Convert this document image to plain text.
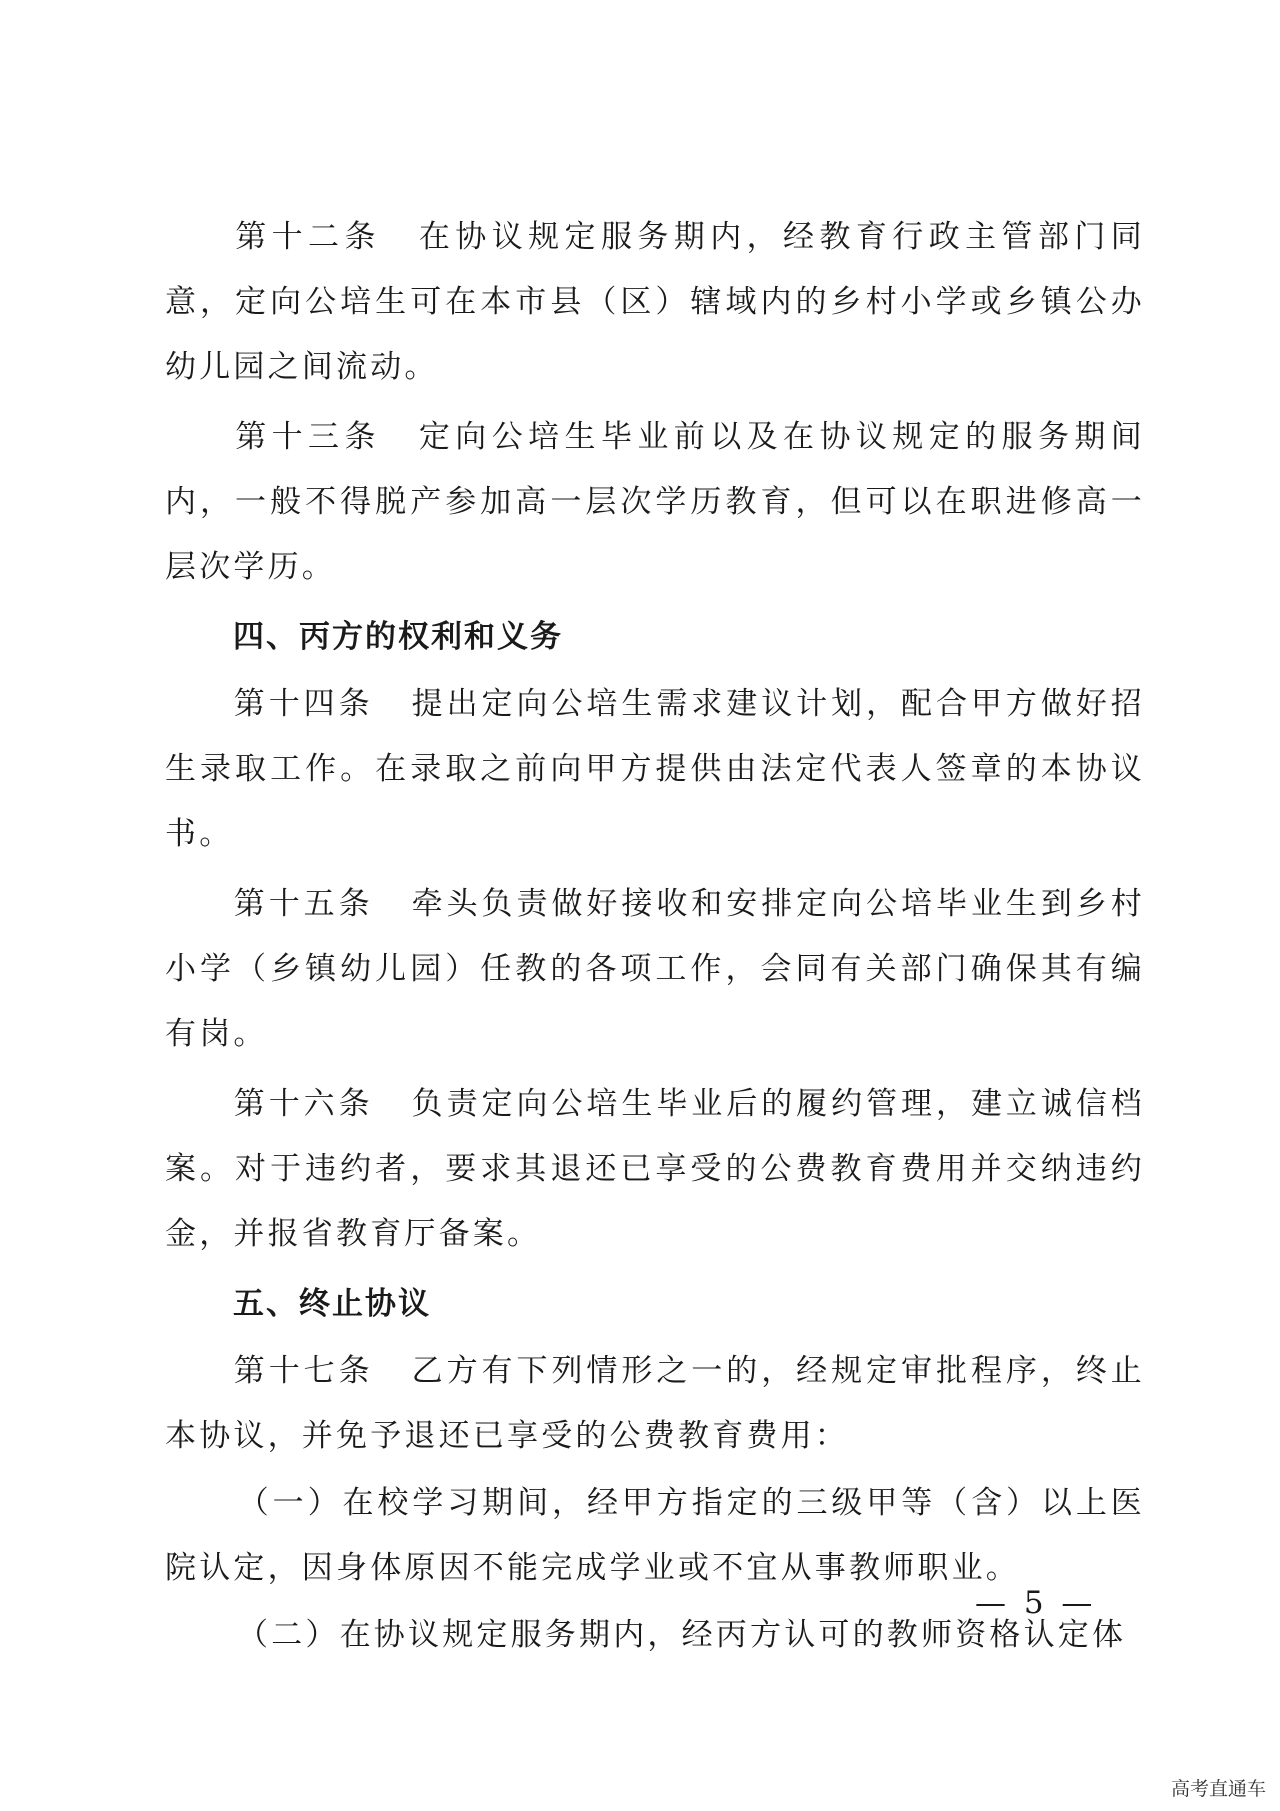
第十二条 在协议规定服务期内，经教育行政主管部门同意，定向公培生可在本市县（区）辖域内的乡村小学或乡镇公办幼儿园之间流动。

第十三条 定向公培生毕业前以及在协议规定的服务期间内，一般不得脱产参加高一层次学历教育，但可以在职进修高一层次学历。

四、丙方的权利和义务

第十四条 提出定向公培生需求建议计划，配合甲方做好招生录取工作。在录取之前向甲方提供由法定代表人签章的本协议书。

第十五条 牵头负责做好接收和安排定向公培毕业生到乡村小学（乡镇幼儿园）任教的各项工作，会同有关部门确保其有编有岗。

第十六条 负责定向公培生毕业后的履约管理，建立诚信档案。对于违约者，要求其退还已享受的公费教育费用并交纳违约金，并报省教育厅备案。

五、终止协议

第十七条 乙方有下列情形之一的，经规定审批程序，终止本协议，并免予退还已享受的公费教育费用：

（一）在校学习期间，经甲方指定的三级甲等（含）以上医院认定，因身体原因不能完成学业或不宜从事教师职业。

（二）在协议规定服务期内，经丙方认可的教师资格认定体

— 5 —
高考直通车
